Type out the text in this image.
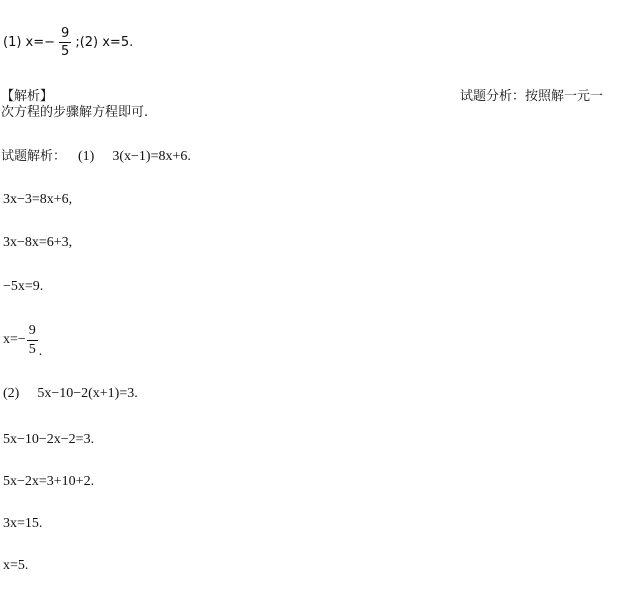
(1) $x=- \frac{9}{5}$ ;(2) x=5.
【解析】	试题分析：按照解一元一
次方程的步骤解方程即可.
试题解析： (1) 3(x−1)=8x+6.
3x−3=8x+6,
3x−8x=6+3,
−5x=9.
$x=- \frac{9}{5}$ .
(2) 5x−10−2(x+1)=3.
5x−10−2x−2=3.
5x−2x=3+10+2.
3x=15.
x=5.
